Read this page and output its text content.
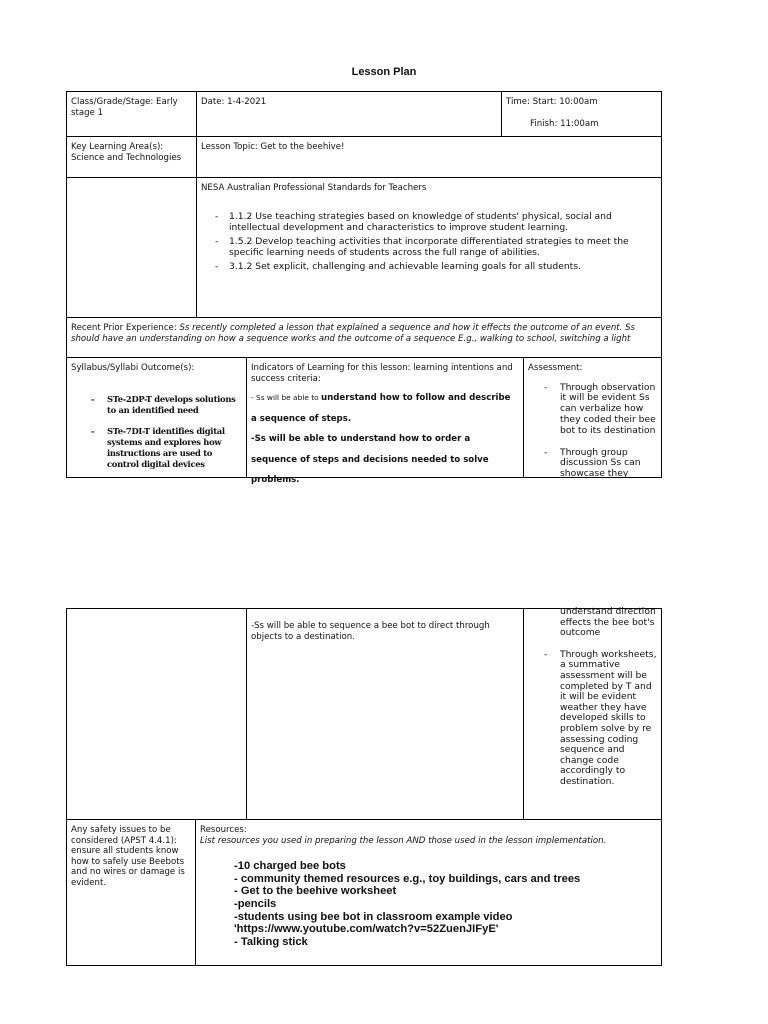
Lesson Plan
Class/Grade/Stage: Early stage 1
Date: 1-4-2021	Time: Start: 10:00am
Finish: 11:00am
Key Learning Area(s): Science and Technologies
Lesson Topic: Get to the beehive!
NESA Australian Professional Standards for Teachers
- 1.1.2 Use teaching strategies based on knowledge of students' physical, social and intellectual development and characteristics to improve student learning.
- 1.5.2 Develop teaching activities that incorporate differentiated strategies to meet the specific learning needs of students across the full range of abilities.
- 3.1.2 Set explicit, challenging and achievable learning goals for all students.
Recent Prior Experience: Ss recently completed a lesson that explained a sequence and how it effects the outcome of an event. Ss should have an understanding on how a sequence works and the outcome of a sequence E.g., walking to school, switching a light
Syllabus/Syllabi Outcome(s):
- STe-2DP-T develops solutions to an identified need
- STe-7DI-T identifies digital systems and explores how instructions are used to control digital devices
Indicators of Learning for this lesson: learning intentions and success criteria:
- Ss will be able to understand how to follow and describe a sequence of steps.
-Ss will be able to understand how to order a sequence of steps and decisions needed to solve problems.
Assessment:
- Through observation it will be evident Ss can verbalize how they coded their bee bot to its destination
- Through group discussion Ss can showcase they
-Ss will be able to sequence a bee bot to direct through objects to a destination.
understand direction effects the bee bot's outcome
- Through worksheets, a summative assessment will be completed by T and it will be evident weather they have developed skills to problem solve by re assessing coding sequence and change code accordingly to destination.
Any safety issues to be considered (APST 4.4.1): ensure all students know how to safely use Beebots and no wires or damage is evident.
Resources:
List resources you used in preparing the lesson AND those used in the lesson implementation.
-10 charged bee bots
- community themed resources e.g., toy buildings, cars and trees
- Get to the beehive worksheet
-pencils
-students using bee bot in classroom example video
'https://www.youtube.com/watch?v=52ZuenJIFyE'
- Talking stick
